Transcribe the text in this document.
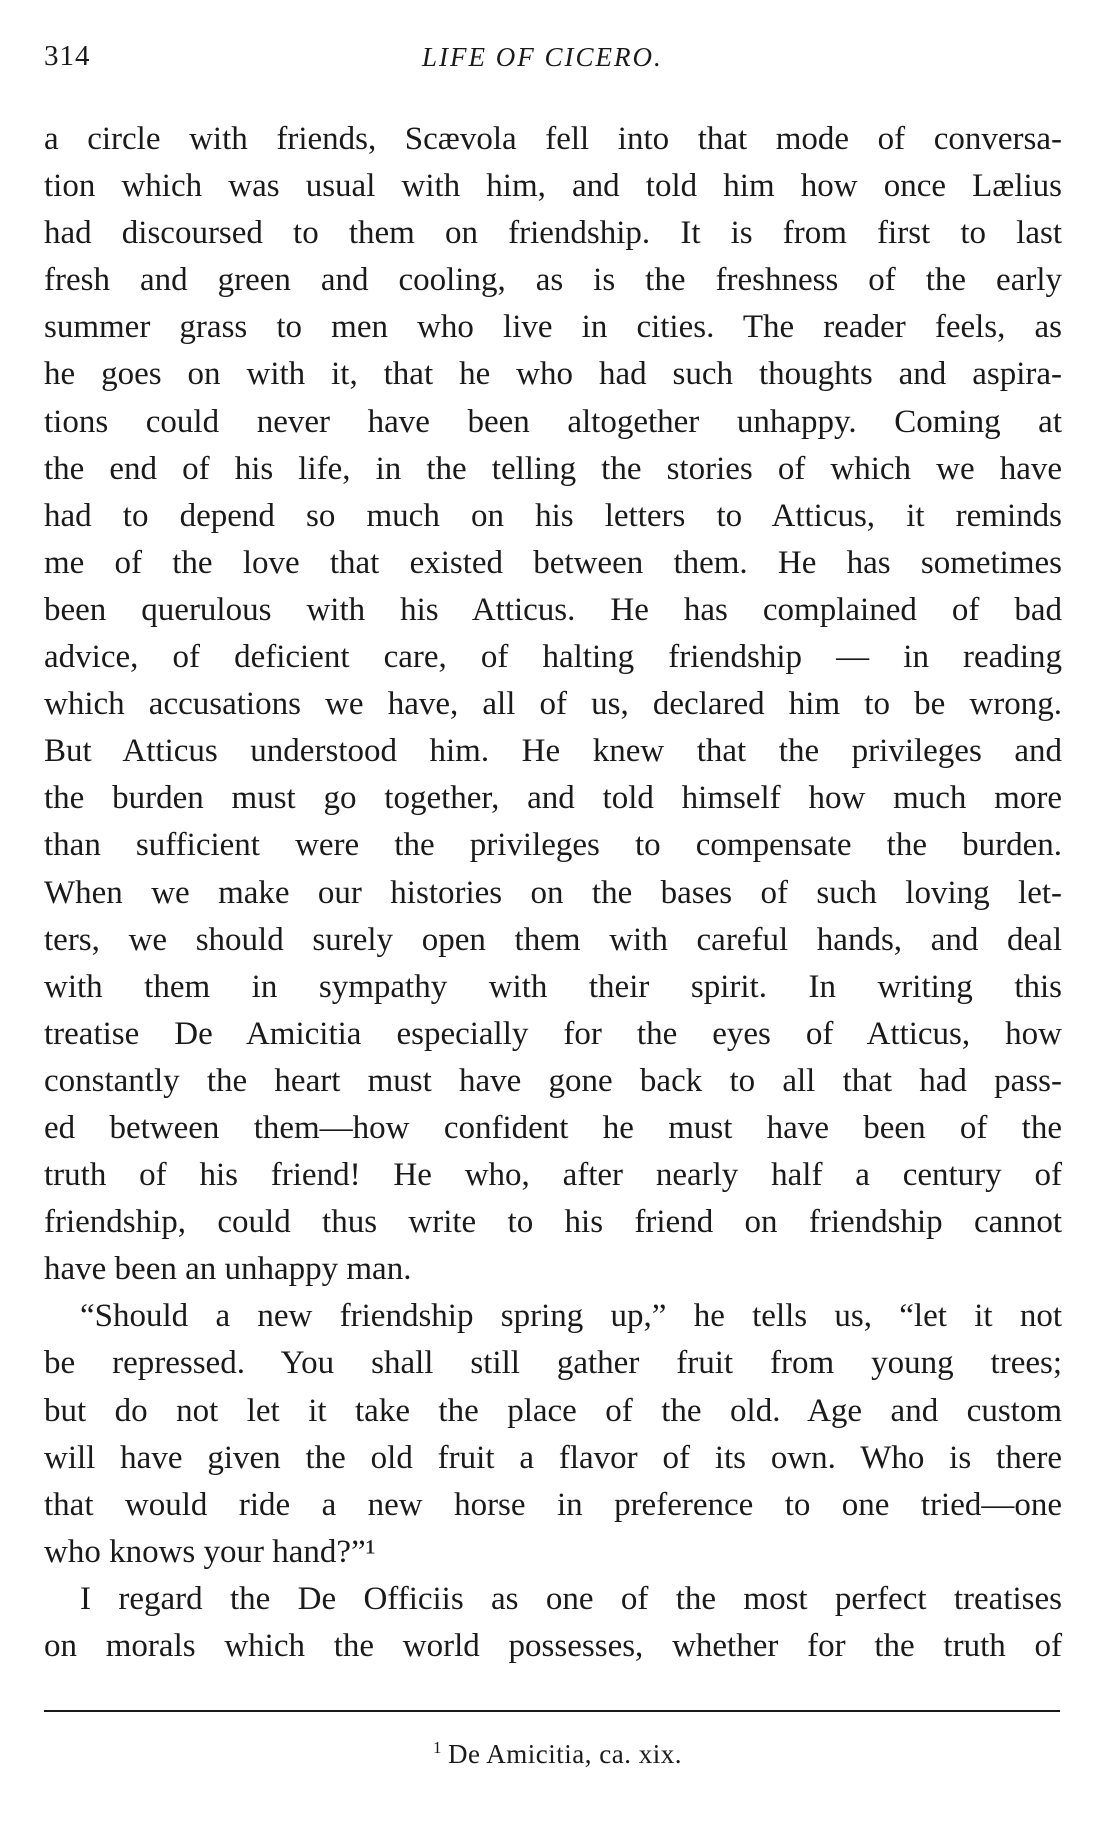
314	LIFE OF CICERO.
a circle with friends, Scævola fell into that mode of conversa-
tion which was usual with him, and told him how once Lælius
had discoursed to them on friendship. It is from first to last
fresh and green and cooling, as is the freshness of the early
summer grass to men who live in cities. The reader feels, as
he goes on with it, that he who had such thoughts and aspira-
tions could never have been altogether unhappy. Coming at
the end of his life, in the telling the stories of which we have
had to depend so much on his letters to Atticus, it reminds
me of the love that existed between them. He has sometimes
been querulous with his Atticus. He has complained of bad
advice, of deficient care, of halting friendship — in reading
which accusations we have, all of us, declared him to be wrong.
But Atticus understood him. He knew that the privileges and
the burden must go together, and told himself how much more
than sufficient were the privileges to compensate the burden.
When we make our histories on the bases of such loving let-
ters, we should surely open them with careful hands, and deal
with them in sympathy with their spirit. In writing this
treatise De Amicitia especially for the eyes of Atticus, how
constantly the heart must have gone back to all that had pass-
ed between them—how confident he must have been of the
truth of his friend! He who, after nearly half a century of
friendship, could thus write to his friend on friendship cannot
have been an unhappy man.
“Should a new friendship spring up,” he tells us, “let it not
be repressed. You shall still gather fruit from young trees;
but do not let it take the place of the old. Age and custom
will have given the old fruit a flavor of its own. Who is there
that would ride a new horse in preference to one tried—one
who knows your hand?”¹
I regard the De Officiis as one of the most perfect treatises
on morals which the world possesses, whether for the truth of
$^1$ De Amicitia, ca. xix.
